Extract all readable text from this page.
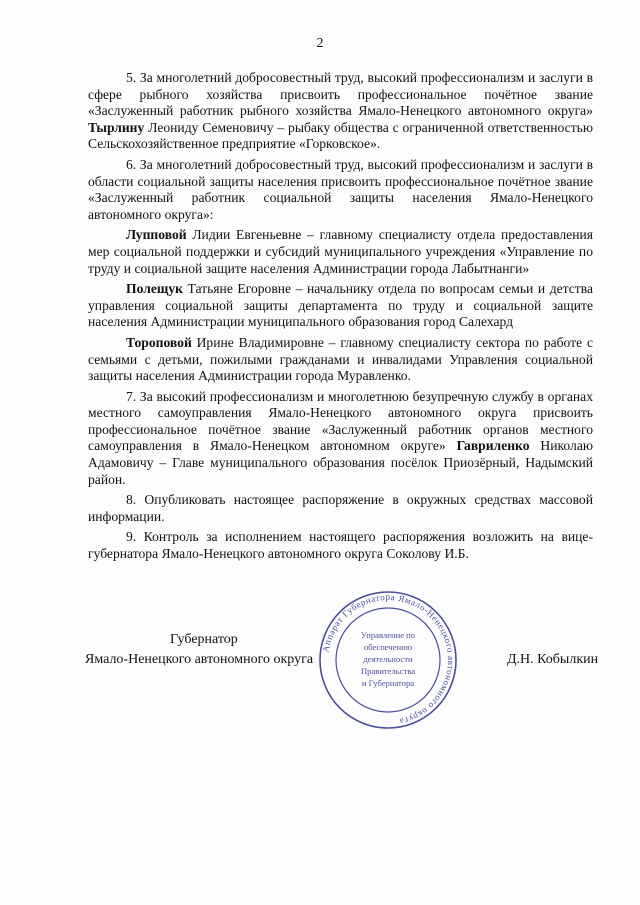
2

5. За многолетний добросовестный труд, высокий профессионализм и заслуги в сфере рыбного хозяйства присвоить профессиональное почётное звание «Заслуженный работник рыбного хозяйства Ямало-Ненецкого автономного округа» Тырлину Леониду Семеновичу – рыбаку общества с ограниченной ответственностью Сельскохозяйственное предприятие «Горковское».

6. За многолетний добросовестный труд, высокий профессионализм и заслуги в области социальной защиты населения присвоить профессиональное почётное звание «Заслуженный работник социальной защиты населения Ямало-Ненецкого автономного округа»:

Лупповой Лидии Евгеньевне – главному специалисту отдела предоставления мер социальной поддержки и субсидий муниципального учреждения «Управление по труду и социальной защите населения Администрации города Лабытнанги»

Полещук Татьяне Егоровне – начальнику отдела по вопросам семьи и детства управления социальной защиты департамента по труду и социальной защите населения Администрации муниципального образования город Салехард

Тороповой Ирине Владимировне – главному специалисту сектора по работе с семьями с детьми, пожилыми гражданами и инвалидами Управления социальной защиты населения Администрации города Муравленко.

7. За высокий профессионализм и многолетнюю безупречную службу в органах местного самоуправления Ямало-Ненецкого автономного округа присвоить профессиональное почётное звание «Заслуженный работник органов местного самоуправления в Ямало-Ненецком автономном округе» Гавриленко Николаю Адамовичу – Главе муниципального образования посёлок Приозёрный, Надымский район.

8. Опубликовать настоящее распоряжение в окружных средствах массовой информации.

9. Контроль за исполнением настоящего распоряжения возложить на вице-губернатора Ямало-Ненецкого автономного округа Соколову И.Б.

Аппарат Губернатора Ямало-Ненецкого автономного округа
Управление по
обеспечению
деятельности
Правительства
и Губернатора
Губернатор
Ямало-Ненецкого автономного округа	Д.Н. Кобылкин
